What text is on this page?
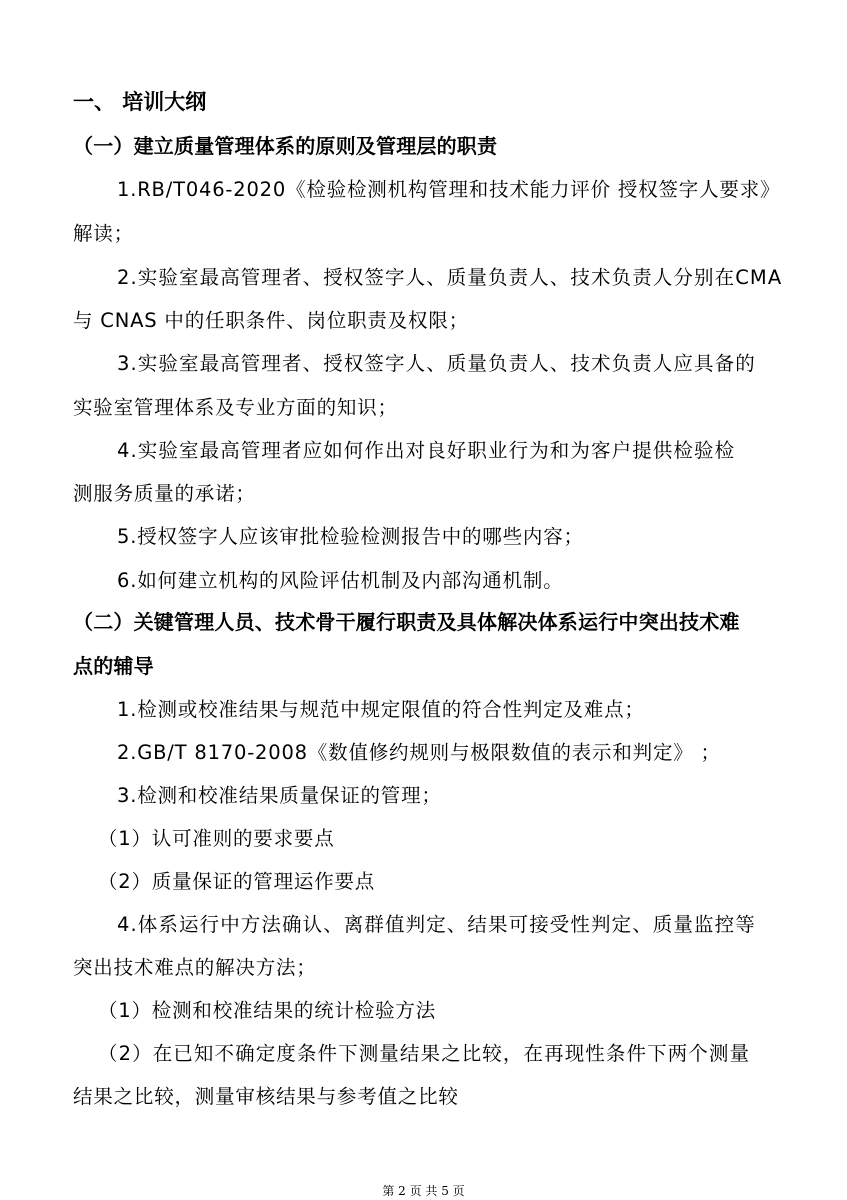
一、 培训大纲
（一）建立质量管理体系的原则及管理层的职责
1.RB/T046-2020《检验检测机构管理和技术能力评价 授权签字人要求》
解读；
2.实验室最高管理者、授权签字人、质量负责人、技术负责人分别在CMA
与 CNAS 中的任职条件、岗位职责及权限；
3.实验室最高管理者、授权签字人、质量负责人、技术负责人应具备的
实验室管理体系及专业方面的知识；
4.实验室最高管理者应如何作出对良好职业行为和为客户提供检验检
测服务质量的承诺；
5.授权签字人应该审批检验检测报告中的哪些内容；
6.如何建立机构的风险评估机制及内部沟通机制。
（二）关键管理人员、技术骨干履行职责及具体解决体系运行中突出技术难
点的辅导
1.检测或校准结果与规范中规定限值的符合性判定及难点；
2.GB/T 8170-2008《数值修约规则与极限数值的表示和判定》 ；
3.检测和校准结果质量保证的管理；
（1）认可准则的要求要点
（2）质量保证的管理运作要点
4.体系运行中方法确认、离群值判定、结果可接受性判定、质量监控等
突出技术难点的解决方法；
（1）检测和校准结果的统计检验方法
（2）在已知不确定度条件下测量结果之比较，在再现性条件下两个测量
结果之比较，测量审核结果与参考值之比较
第 2 页 共 5 页
